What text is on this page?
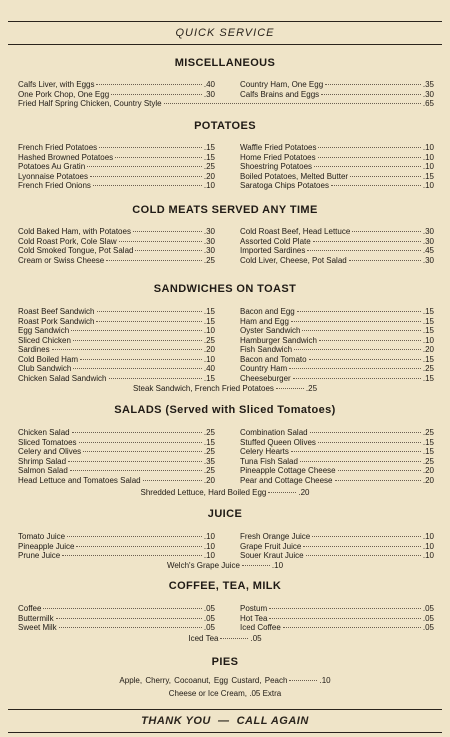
QUICK SERVICE
MISCELLANEOUS
Calfs Liver, with Eggs	.40
One Pork Chop, One Egg	.30
Country Ham, One Egg	.35
Calfs Brains and Eggs	.30
Fried Half Spring Chicken, Country Style	.65
POTATOES
French Fried Potatoes	.15
Hashed Browned Potatoes	.15
Potatoes Au Gratin	.25
Lyonnaise Potatoes	.20
French Fried Onions	.10
Waffle Fried Potatoes	.10
Home Fried Potatoes	.10
Shoestring Potatoes	.10
Boiled Potatoes, Melted Butter	.15
Saratoga Chips Potatoes	.10
COLD MEATS SERVED ANY TIME
Cold Baked Ham, with Potatoes	.30
Cold Roast Pork, Cole Slaw	.30
Cold Smoked Tongue, Pot Salad	.30
Cream or Swiss Cheese	.25
Cold Roast Beef, Head Lettuce	.30
Assorted Cold Plate	.30
Imported Sardines	.45
Cold Liver, Cheese, Pot Salad	.30
SANDWICHES ON TOAST
Roast Beef Sandwich	.15
Roast Pork Sandwich	.15
Egg Sandwich	.10
Sliced Chicken	.25
Sardines	.20
Cold Boiled Ham	.10
Club Sandwich	.40
Chicken Salad Sandwich	.15
Bacon and Egg	.15
Ham and Egg	.15
Oyster Sandwich	.15
Hamburger Sandwich	.10
Fish Sandwich	.20
Bacon and Tomato	.15
Country Ham	.25
Cheeseburger	.15
Steak Sandwich, French Fried Potatoes	.25
SALADS (Served with Sliced Tomatoes)
Chicken Salad	.25
Sliced Tomatoes	.15
Celery and Olives	.25
Shrimp Salad	.35
Salmon Salad	.25
Head Lettuce and Tomatoes Salad	.20
Combination Salad	.25
Stuffed Queen Olives	.15
Celery Hearts	.15
Tuna Fish Salad	.25
Pineapple Cottage Cheese	.20
Pear and Cottage Cheese	.20
Shredded Lettuce, Hard Boiled Egg	.20
JUICE
Tomato Juice	.10
Pineapple Juice	.10
Prune Juice	.10
Fresh Orange Juice	.10
Grape Fruit Juice	.10
Souer Kraut Juice	.10
Welch's Grape Juice	.10
COFFEE, TEA, MILK
Coffee	.05
Buttermilk	.05
Sweet Milk	.05
Postum	.05
Hot Tea	.05
Iced Coffee	.05
Iced Tea	.05
PIES
Apple, Cherry, Cocoanut, Egg Custard, Peach	.10
Cheese or Ice Cream, .05 Extra
THANK YOU  —  CALL AGAIN
